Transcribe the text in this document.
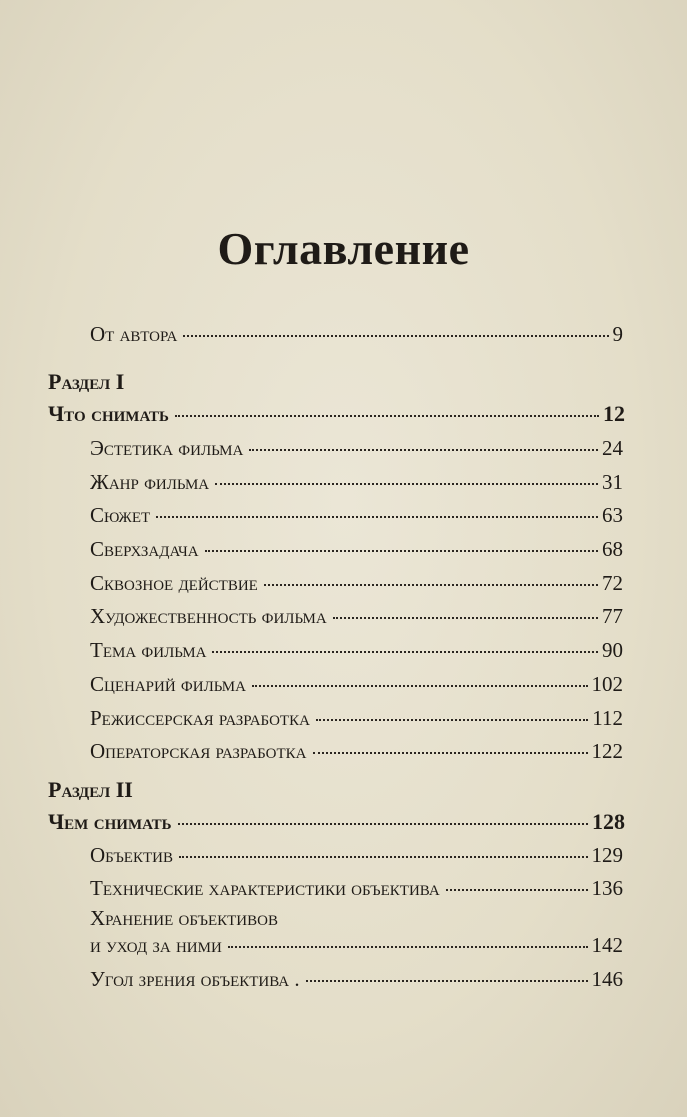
Оглавление
От автора	9
Раздел I
Что снимать	12
Эстетика фильма	24
Жанр фильма	31
Сюжет	63
Сверхзадача	68
Сквозное действие	72
Художественность фильма	77
Тема фильма	90
Сценарий фильма	102
Режиссерская разработка	112
Операторская разработка	122
Раздел II
Чем снимать	128
Объектив	129
Технические характеристики объектива	136
Хранение объективов
и уход за ними	142
Угол зрения объектива .	146
